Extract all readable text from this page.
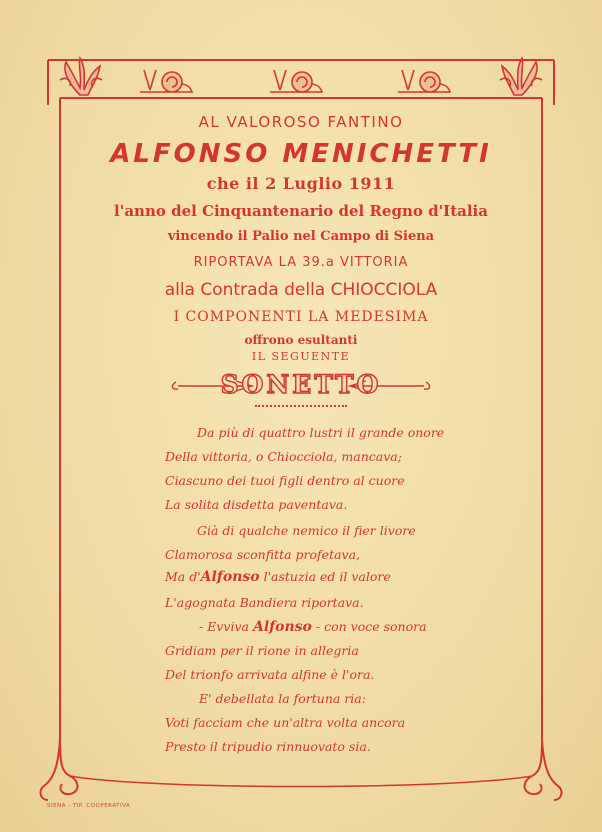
AL VALOROSO FANTINO
ALFONSO MENICHETTI
che il 2 Luglio 1911
l'anno del Cinquantenario del Regno d'Italia
vincendo il Palio nel Campo di Siena
RIPORTAVA LA 39.a VITTORIA
alla Contrada della CHIOCCIOLA
I COMPONENTI LA MEDESIMA
offrono esultanti
IL SEGUENTE
SONETTO
Da più di quattro lustri il grande onore
Della vittoria, o Chiocciola, mancava;
Ciascuno dei tuoi figli dentro al cuore
La solita disdetta paventava.
Già di qualche nemico il fier livore
Clamorosa sconfitta profetava,
Ma d'Alfonso l'astuzia ed il valore
L'agognata Bandiera riportava.
- Evviva Alfonso - con voce sonora
Gridiam per il rione in allegria
Del trionfo arrivata alfine è l'ora.
E' debellata la fortuna ria:
Voti facciam che un'altra volta ancora
Presto il tripudio rinnuovato sia.
SIENA - TIP. COOPERATIVA
